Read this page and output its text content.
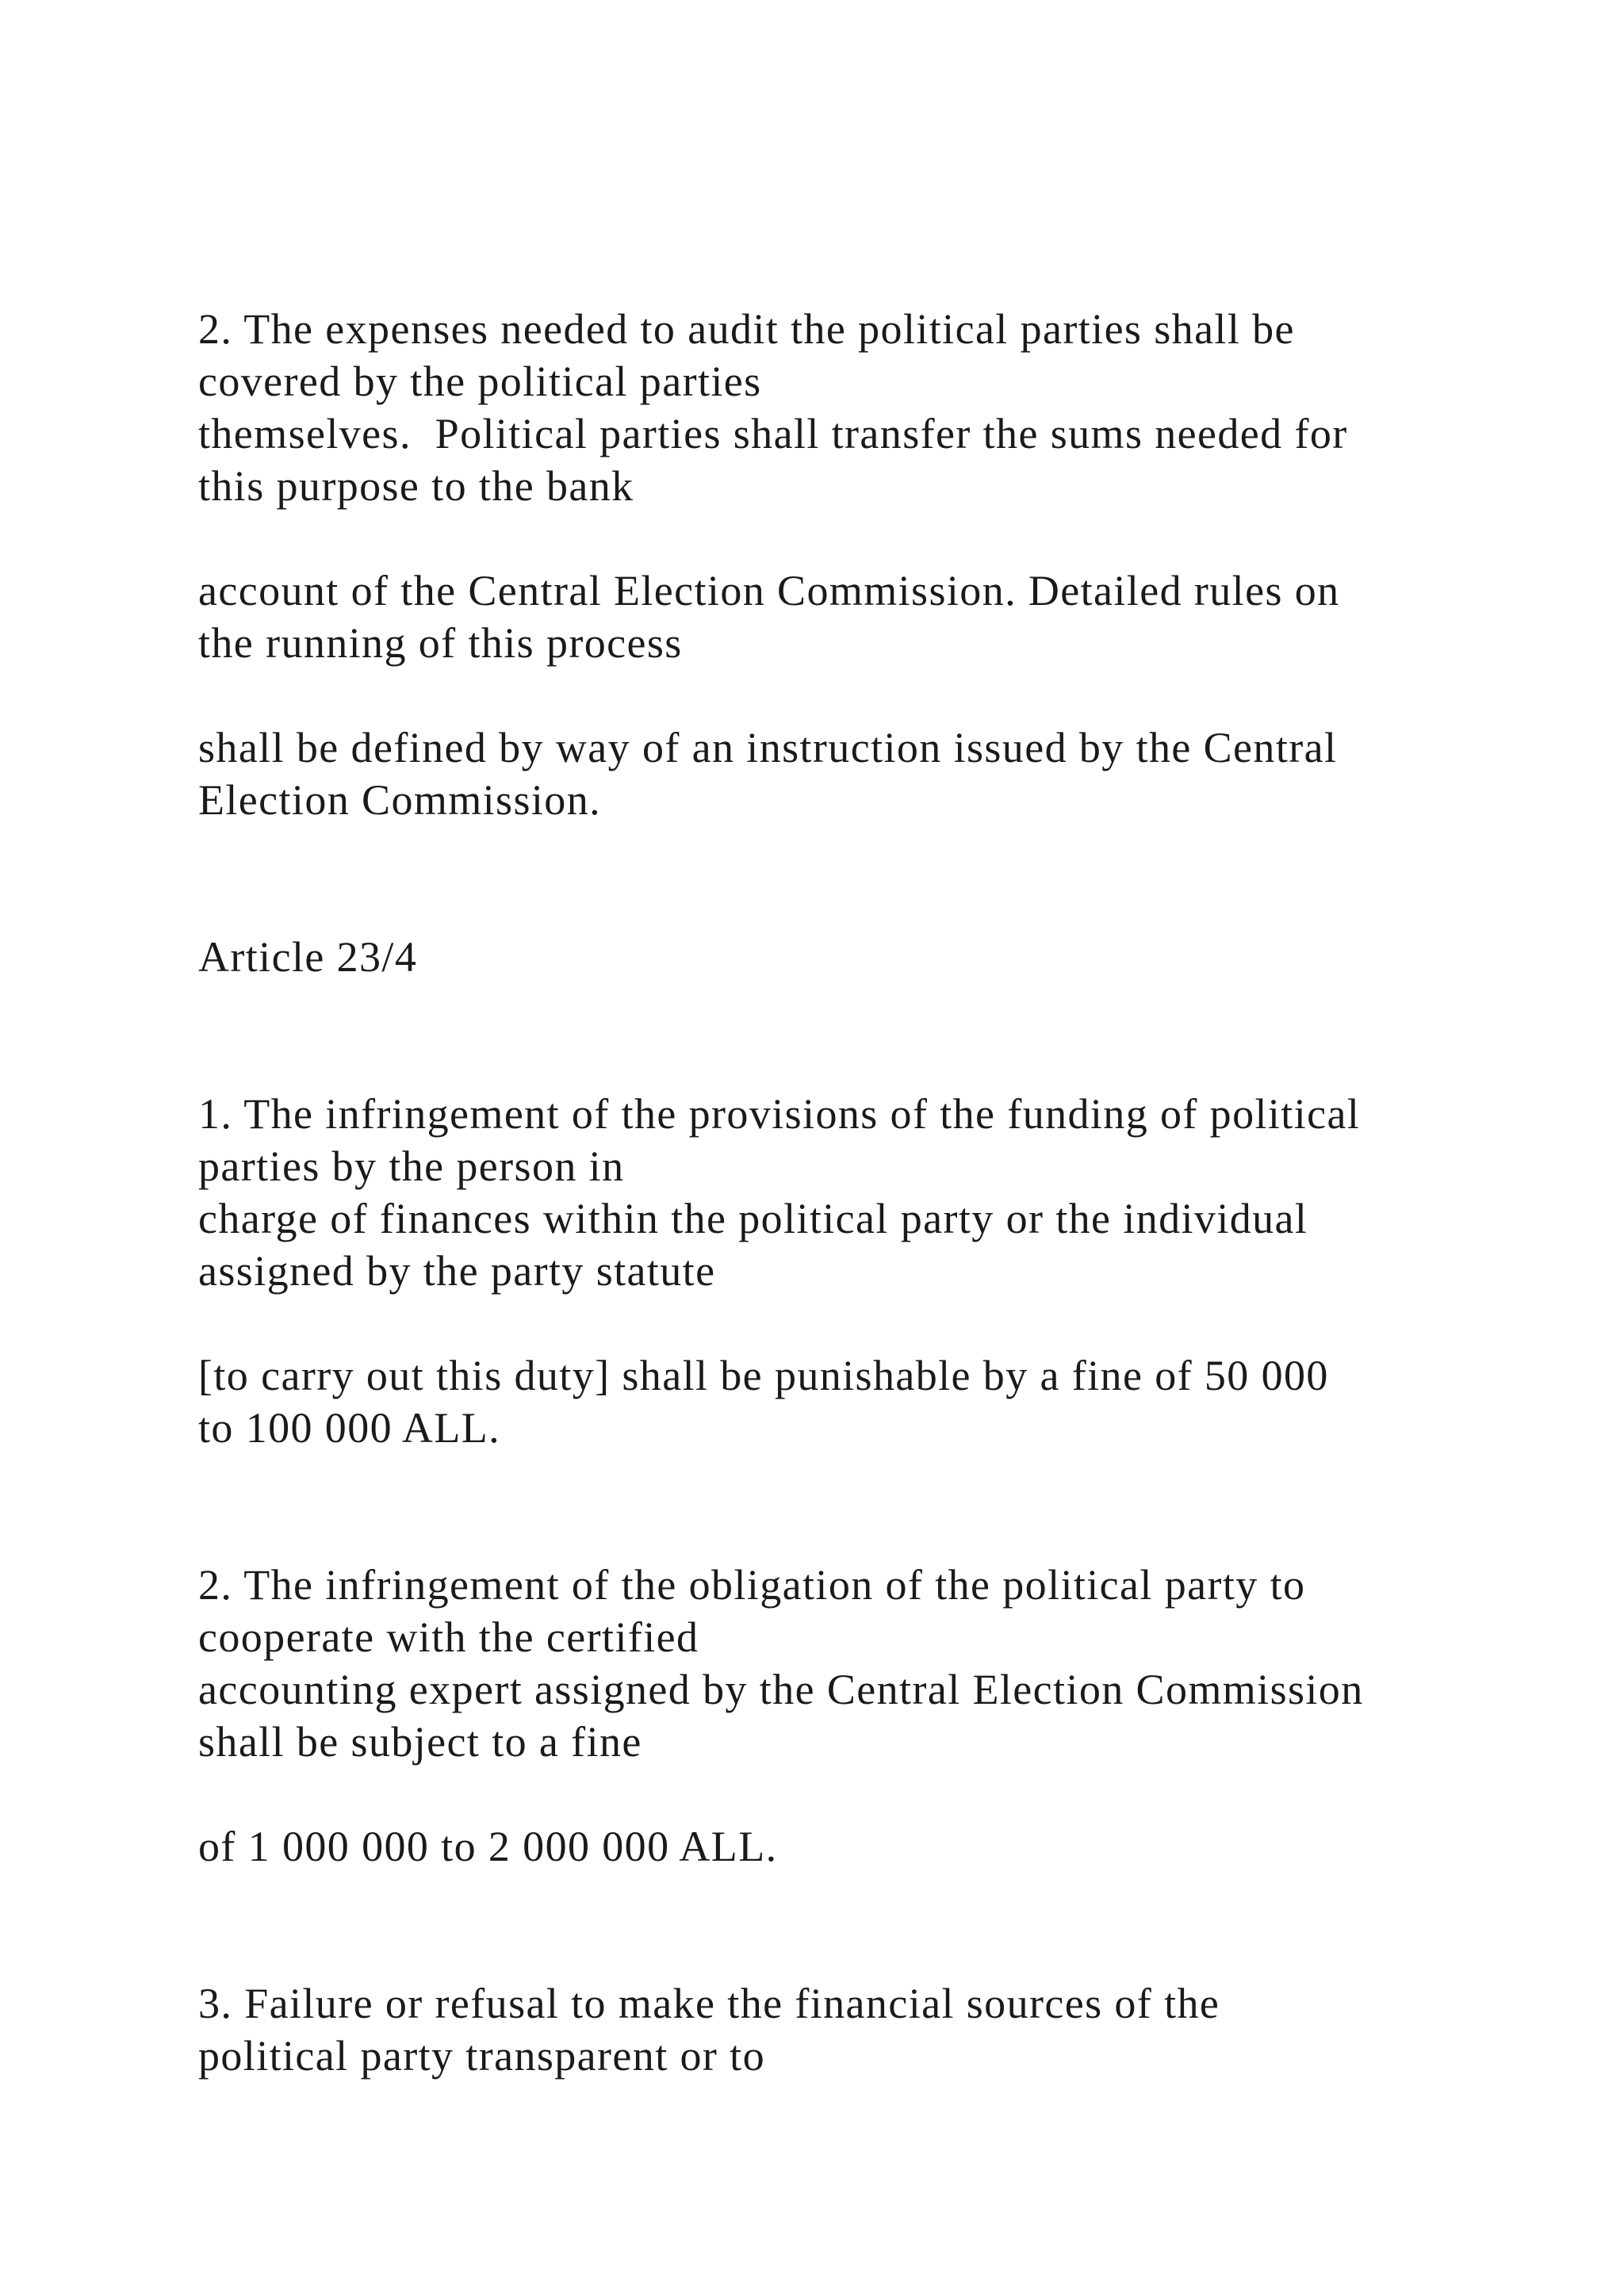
2. The expenses needed to audit the political parties shall be

covered by the political parties

themselves.  Political parties shall transfer the sums needed for

this purpose to the bank

account of the Central Election Commission. Detailed rules on

the running of this process

shall be defined by way of an instruction issued by the Central

Election Commission.

Article 23/4

1. The infringement of the provisions of the funding of political

parties by the person in

charge of finances within the political party or the individual

assigned by the party statute

[to carry out this duty] shall be punishable by a fine of 50 000

to 100 000 ALL.

2. The infringement of the obligation of the political party to

cooperate with the certified

accounting expert assigned by the Central Election Commission

shall be subject to a fine

of 1 000 000 to 2 000 000 ALL.

3. Failure or refusal to make the financial sources of the

political party transparent or to
